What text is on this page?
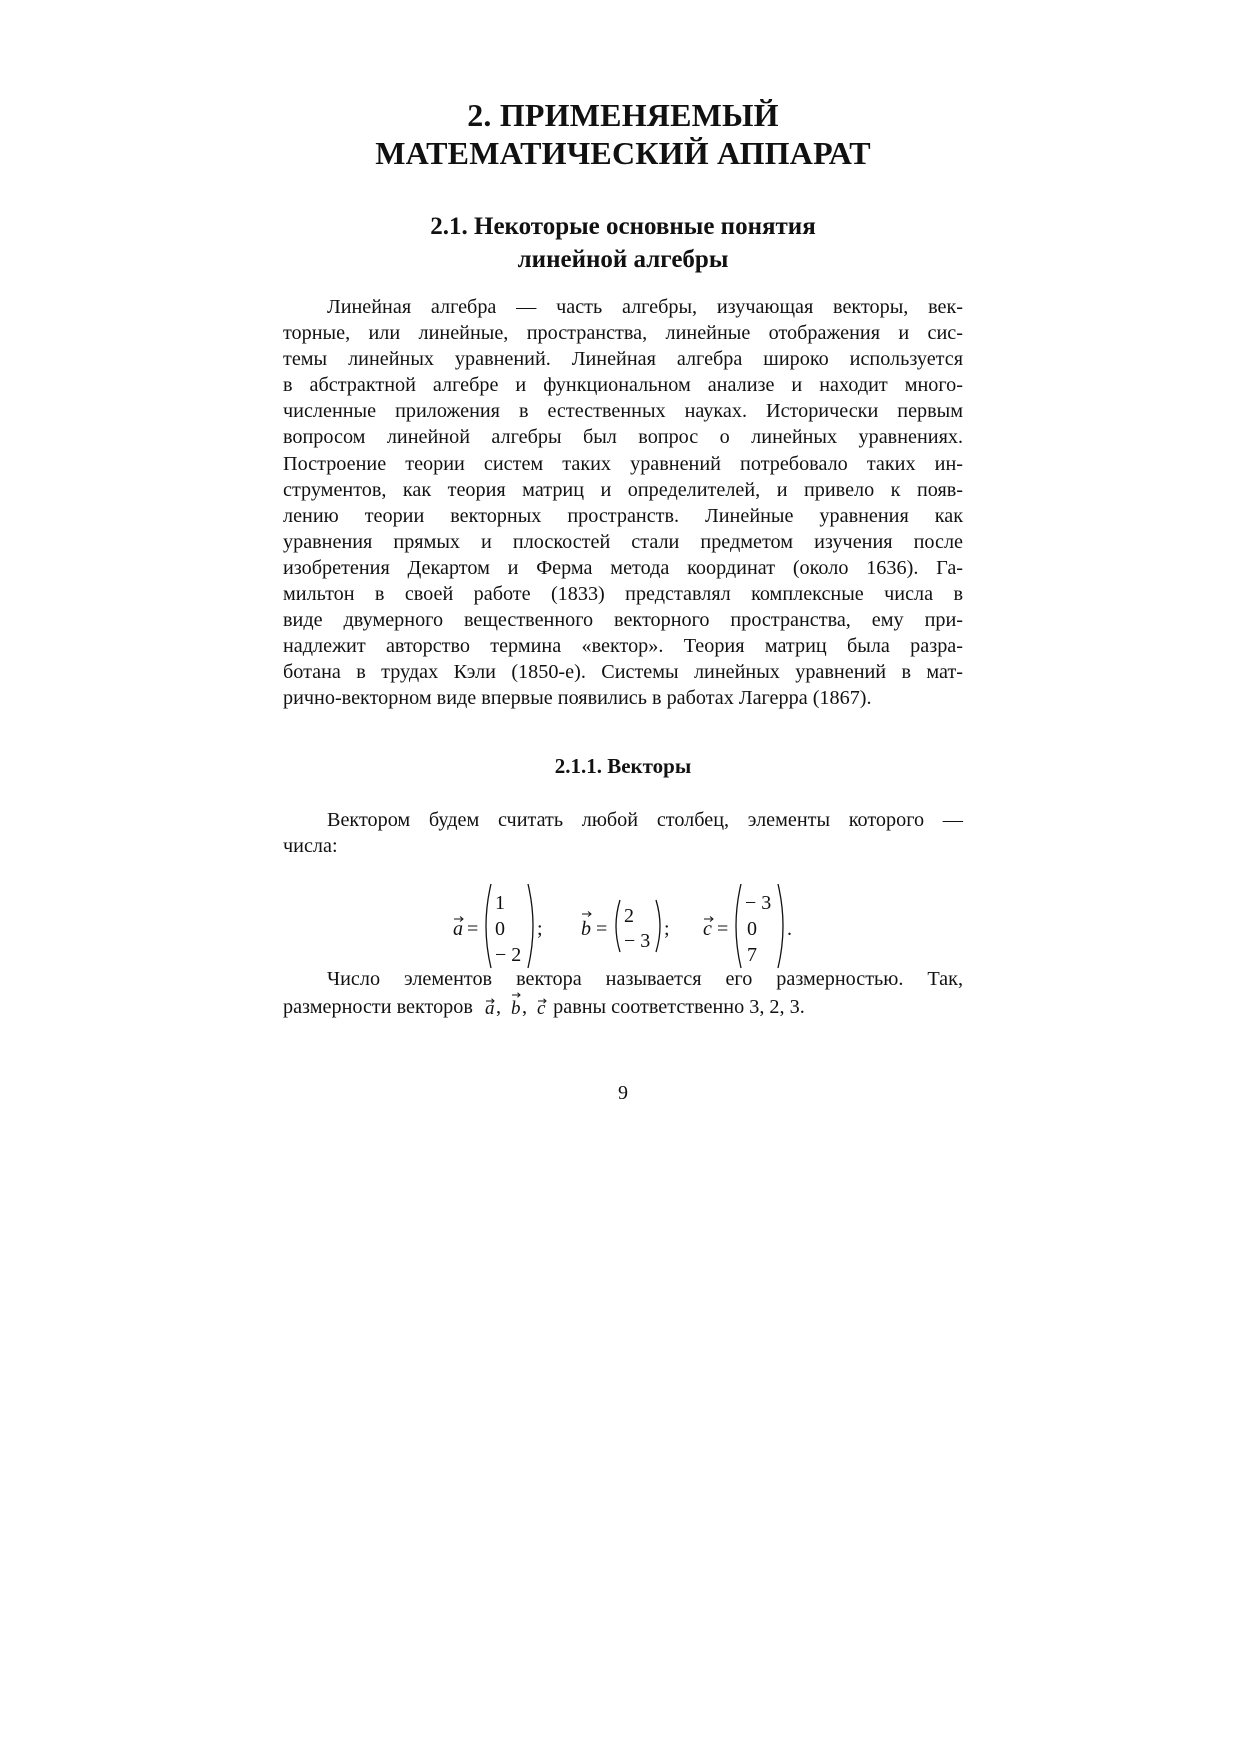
2. ПРИМЕНЯЕМЫЙ
МАТЕМАТИЧЕСКИЙ АППАРАТ
2.1. Некоторые основные понятия
линейной алгебры
Линейная алгебра — часть алгебры, изучающая векторы, век-
торные, или линейные, пространства, линейные отображения и сис-
темы линейных уравнений. Линейная алгебра широко используется
в абстрактной алгебре и функциональном анализе и находит много-
численные приложения в естественных науках. Исторически первым
вопросом линейной алгебры был вопрос о линейных уравнениях.
Построение теории систем таких уравнений потребовало таких ин-
струментов, как теория матриц и определителей, и привело к появ-
лению теории векторных пространств. Линейные уравнения как
уравнения прямых и плоскостей стали предметом изучения после
изобретения Декартом и Ферма метода координат (около 1636). Га-
мильтон в своей работе (1833) представлял комплексные числа в
виде двумерного вещественного векторного пространства, ему при-
надлежит авторство термина «вектор». Теория матриц была разра-
ботана в трудах Кэли (1850-е). Системы линейных уравнений в мат-
рично-векторном виде впервые появились в работах Лагерра (1867).
2.1.1. Векторы
Вектором будем считать любой столбец, элементы которого —
числа:
a =
1
0
− 2
; b =
2
− 3
; c =
− 3
0
7
.
Число элементов вектора называется его размерностью. Так,
размерности векторов a , b , c равны соответственно 3, 2, 3.
9
